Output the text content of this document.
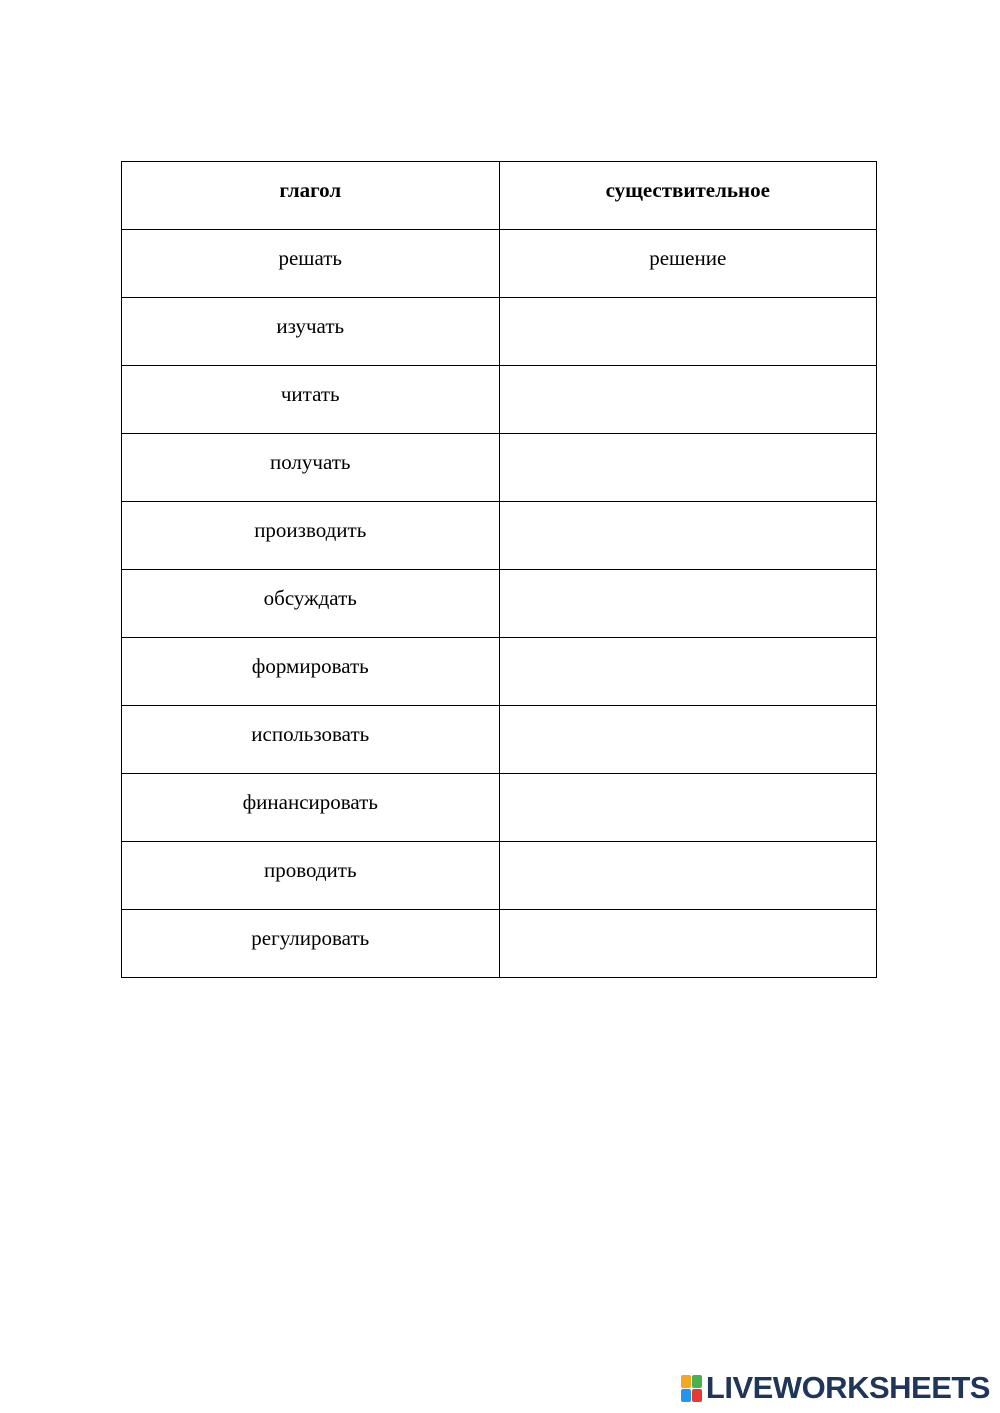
глагол	существительное
решать	решение
изучать	
читать	
получать	
производить	
обсуждать	
формировать	
использовать	
финансировать	
проводить	
регулировать	
LIVEWORKSHEETS
